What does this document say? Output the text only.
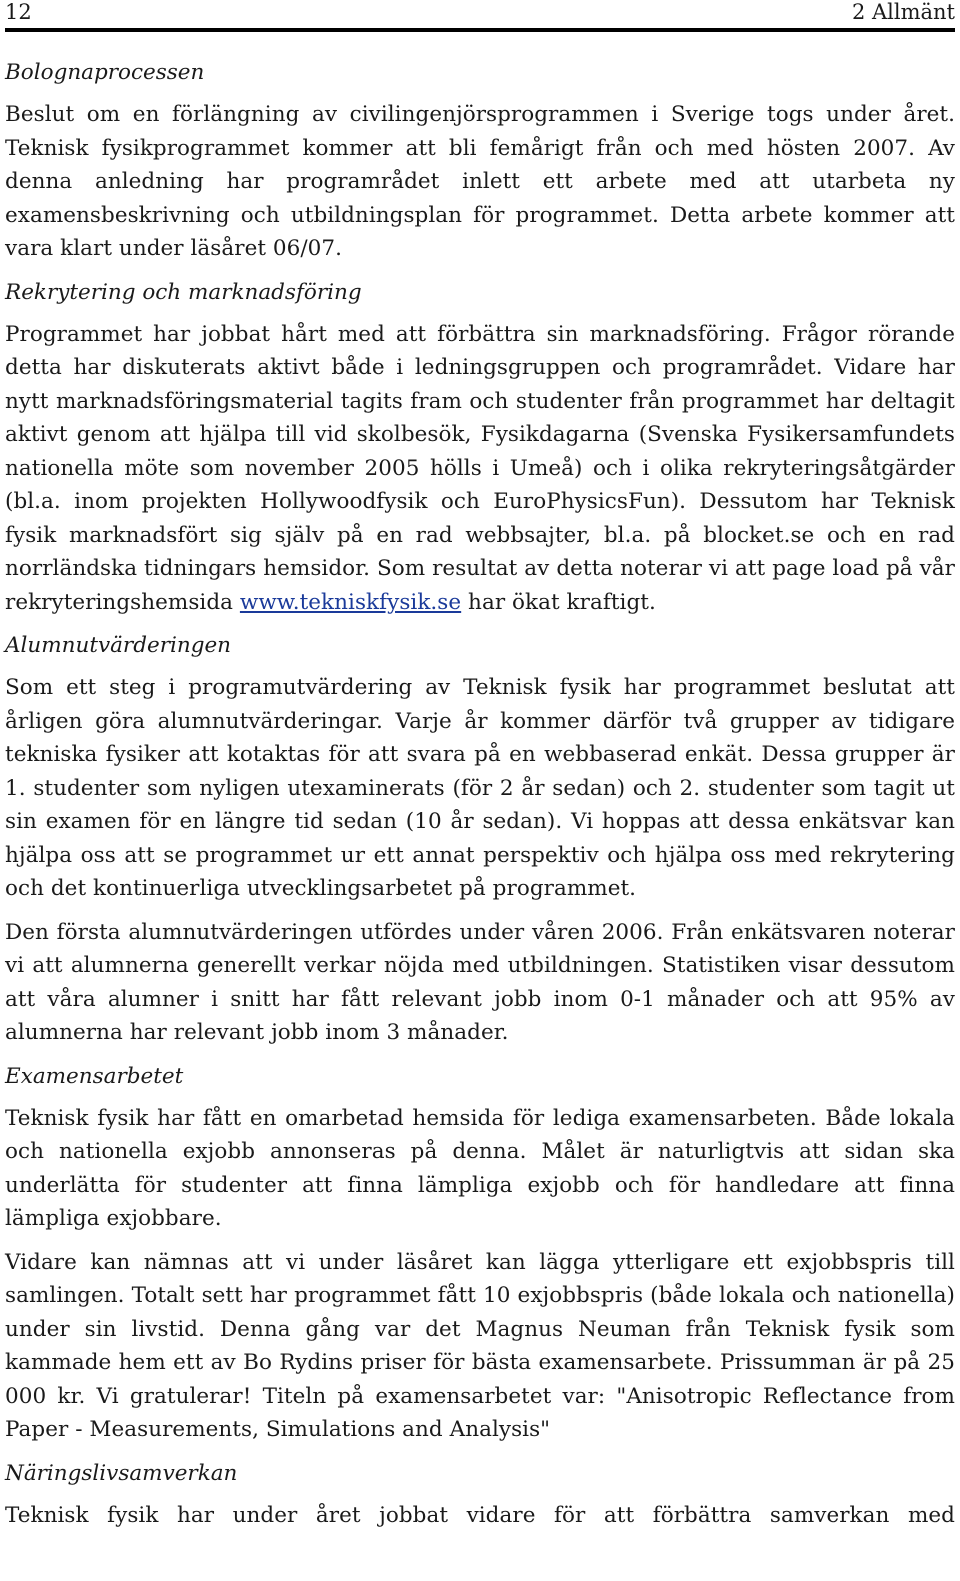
12	2 Allmänt
Bolognaprocessen

Beslut om en förlängning av civilingenjörsprogrammen i Sverige togs under året. Teknisk fysikprogrammet kommer att bli femårigt från och med hösten 2007. Av denna anledning har programrådet inlett ett arbete med att utarbeta ny examensbeskrivning och utbildningsplan för programmet. Detta arbete kommer att vara klart under läsåret 06/07.

Rekrytering och marknadsföring

Programmet har jobbat hårt med att förbättra sin marknadsföring. Frågor rörande detta har diskuterats aktivt både i ledningsgruppen och programrådet. Vidare har nytt marknadsföringsmaterial tagits fram och studenter från programmet har deltagit aktivt genom att hjälpa till vid skolbesök, Fysikdagarna (Svenska Fysikersamfundets nationella möte som november 2005 hölls i Umeå) och i olika rekryteringsåtgärder (bl.a. inom projekten Hollywoodfysik och EuroPhysicsFun). Dessutom har Teknisk fysik marknadsfört sig själv på en rad webbsajter, bl.a. på blocket.se och en rad norrländska tidningars hemsidor. Som resultat av detta noterar vi att page load på vår rekryteringshemsida www.tekniskfysik.se har ökat kraftigt.

Alumnutvärderingen

Som ett steg i programutvärdering av Teknisk fysik har programmet beslutat att årligen göra alumnutvärderingar. Varje år kommer därför två grupper av tidigare tekniska fysiker att kotaktas för att svara på en webbaserad enkät. Dessa grupper är 1. studenter som nyligen utexaminerats (för 2 år sedan) och 2. studenter som tagit ut sin examen för en längre tid sedan (10 år sedan). Vi hoppas att dessa enkätsvar kan hjälpa oss att se programmet ur ett annat perspektiv och hjälpa oss med rekrytering och det kontinuerliga utvecklingsarbetet på programmet.

Den första alumnutvärderingen utfördes under våren 2006. Från enkätsvaren noterar vi att alumnerna generellt verkar nöjda med utbildningen. Statistiken visar dessutom att våra alumner i snitt har fått relevant jobb inom 0-1 månader och att 95% av alumnerna har relevant jobb inom 3 månader.

Examensarbetet

Teknisk fysik har fått en omarbetad hemsida för lediga examensarbeten. Både lokala och nationella exjobb annonseras på denna. Målet är naturligtvis att sidan ska underlätta för studenter att finna lämpliga exjobb och för handledare att finna lämpliga exjobbare.

Vidare kan nämnas att vi under läsåret kan lägga ytterligare ett exjobbspris till samlingen. Totalt sett har programmet fått 10 exjobbspris (både lokala och nationella) under sin livstid. Denna gång var det Magnus Neuman från Teknisk fysik som kammade hem ett av Bo Rydins priser för bästa examensarbete. Prissumman är på 25 000 kr. Vi gratulerar! Titeln på examensarbetet var: "Anisotropic Reflectance from Paper - Measurements, Simulations and Analysis"

Näringslivsamverkan

Teknisk fysik har under året jobbat vidare för att förbättra samverkan med
